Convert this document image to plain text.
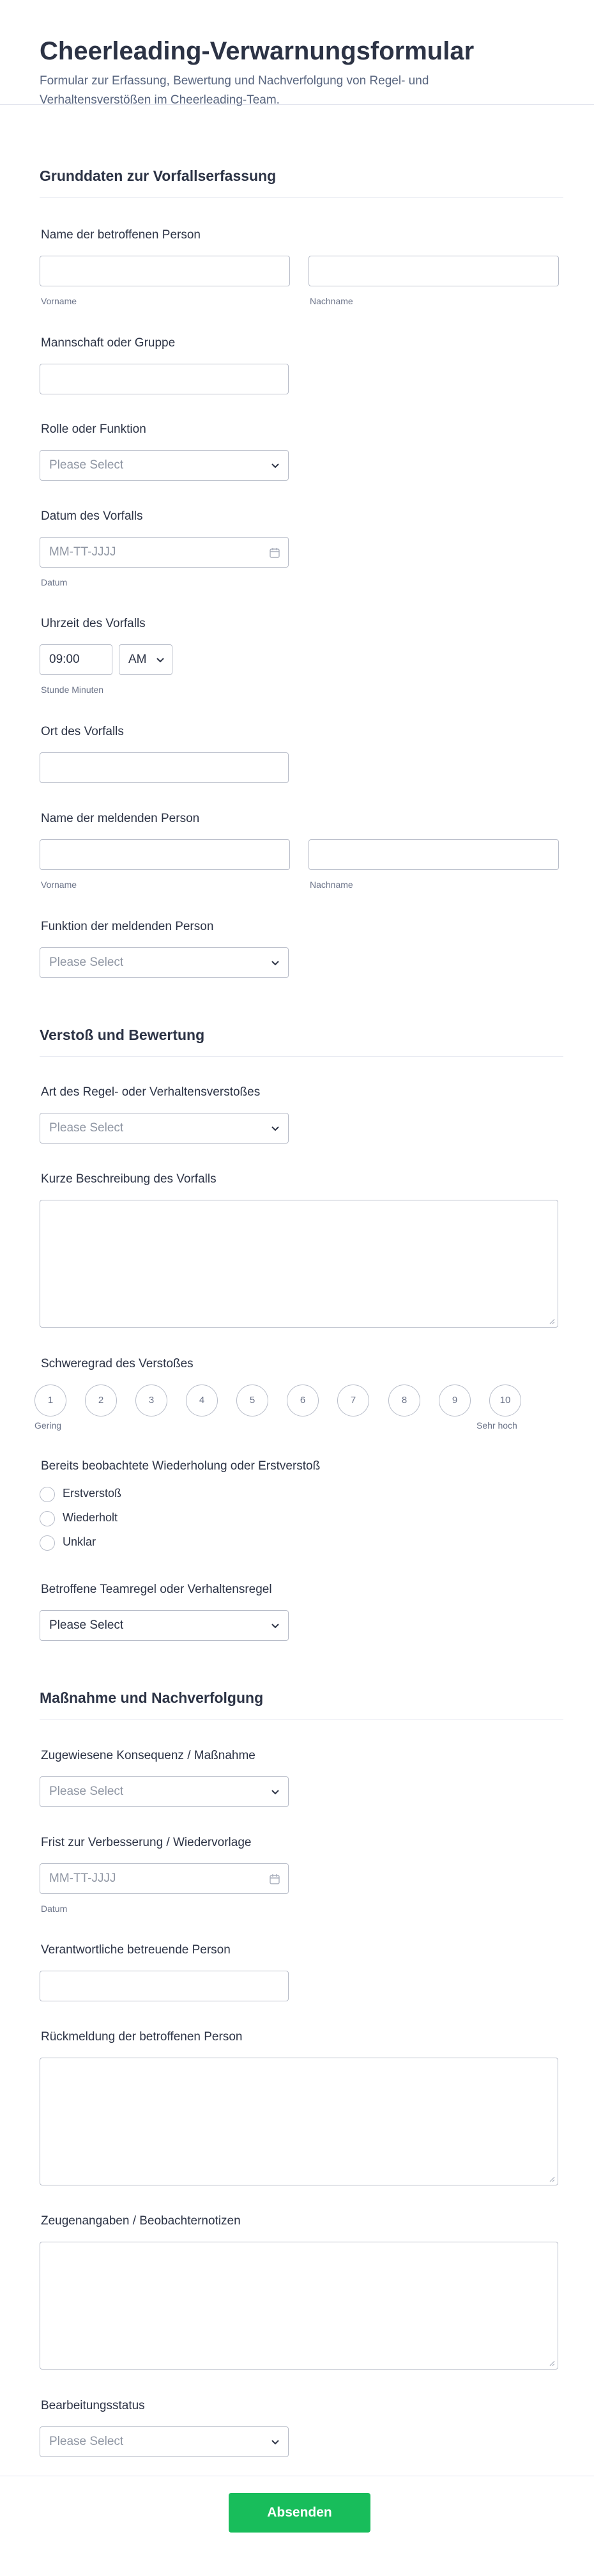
Cheerleading-Verwarnungsformular
Formular zur Erfassung, Bewertung und Nachverfolgung von Regel- und Verhaltensverstößen im Cheerleading-Team.
Grunddaten zur Vorfallserfassung
Name der betroffenen Person
Vorname	Nachname
Mannschaft oder Gruppe
Rolle oder Funktion
Please Select
Datum des Vorfalls
MM-TT-JJJJ
Datum
Uhrzeit des Vorfalls
09:00	AM
Stunde Minuten
Ort des Vorfalls
Name der meldenden Person
Vorname	Nachname
Funktion der meldenden Person
Please Select
Verstoß und Bewertung
Art des Regel- oder Verhaltensverstoßes
Please Select
Kurze Beschreibung des Vorfalls
Schweregrad des Verstoßes
1	2	3	4	5	6	7	8	9	10
Gering	Sehr hoch
Bereits beobachtete Wiederholung oder Erstverstoß
Erstverstoß
Wiederholt
Unklar
Betroffene Teamregel oder Verhaltensregel
Please Select
Maßnahme und Nachverfolgung
Zugewiesene Konsequenz / Maßnahme
Please Select
Frist zur Verbesserung / Wiedervorlage
MM-TT-JJJJ
Datum
Verantwortliche betreuende Person
Rückmeldung der betroffenen Person
Zeugenangaben / Beobachternotizen
Bearbeitungsstatus
Please Select
Absenden
